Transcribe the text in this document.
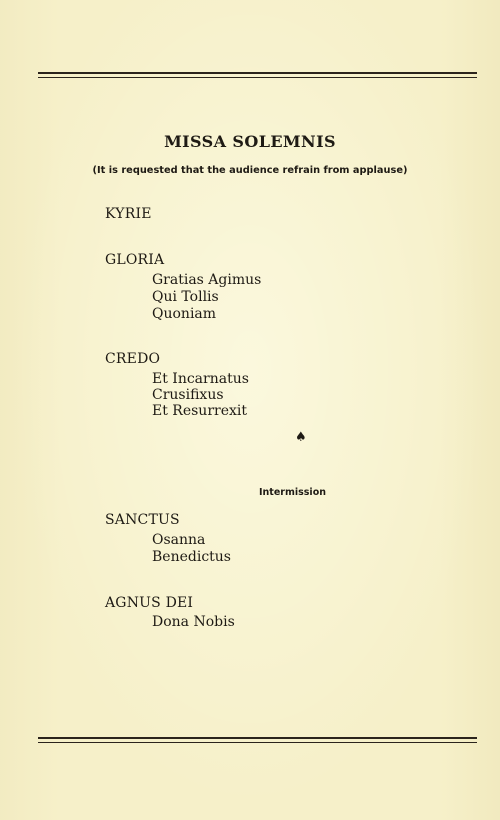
MISSA SOLEMNIS
(It is requested that the audience refrain from applause)
KYRIE
GLORIA
Gratias Agimus
Qui Tollis
Quoniam
CREDO
Et Incarnatus
Crusifixus
Et Resurrexit
♠
Intermission
SANCTUS
Osanna
Benedictus
AGNUS DEI
Dona Nobis
